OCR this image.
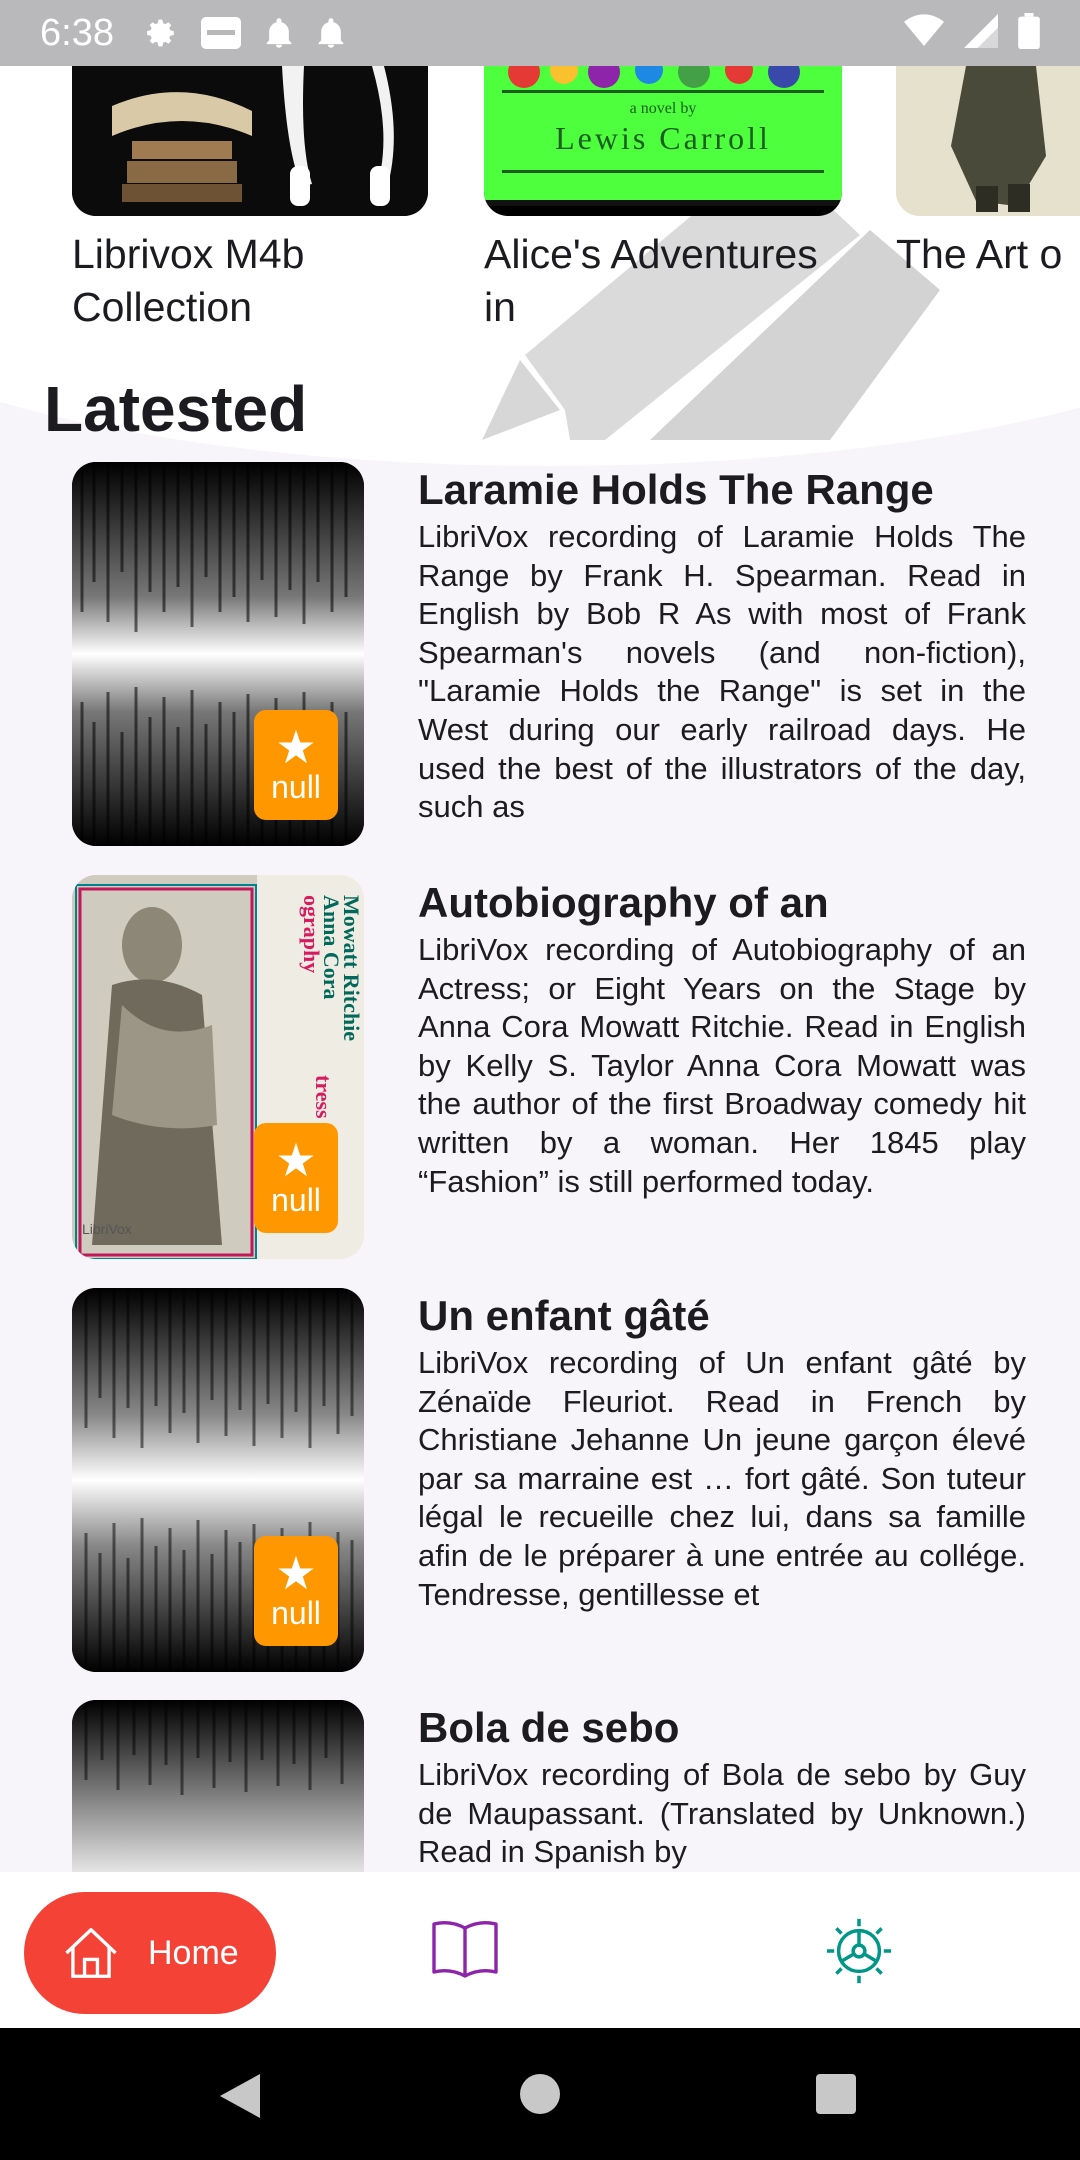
6:38
Librivox M4b Collection
a novel by
Lewis Carroll
Alice's Adventures in
The Art o
Latested
★
null
Laramie Holds The Range

LibriVox recording of Laramie Holds The Range by Frank H. Spearman. Read in English by Bob R As with most of Frank Spearman's novels (and non-fiction), "Laramie Holds the Range" is set in the West during our early railroad days. He used the best of the illustrators of the day, such as

ography
tress
Anna Cora
Mowatt Ritchie
LibriVox
★
null
Autobiography of an

LibriVox recording of Autobiography of an Actress; or Eight Years on the Stage by Anna Cora Mowatt Ritchie. Read in English by Kelly S. Taylor Anna Cora Mowatt was the author of the first Broadway comedy hit written by a woman. Her 1845 play “Fashion” is still performed today.

★
null
Un enfant gâté

LibriVox recording of Un enfant gâté by Zénaïde Fleuriot. Read in French by Christiane Jehanne Un jeune garçon élevé par sa marraine est … fort gâté. Son tuteur légal le recueille chez lui, dans sa famille afin de le préparer à une entrée au collége. Tendresse, gentillesse et

Bola de sebo

LibriVox recording of Bola de sebo by Guy de Maupassant. (Translated by Unknown.) Read in Spanish by

Home
